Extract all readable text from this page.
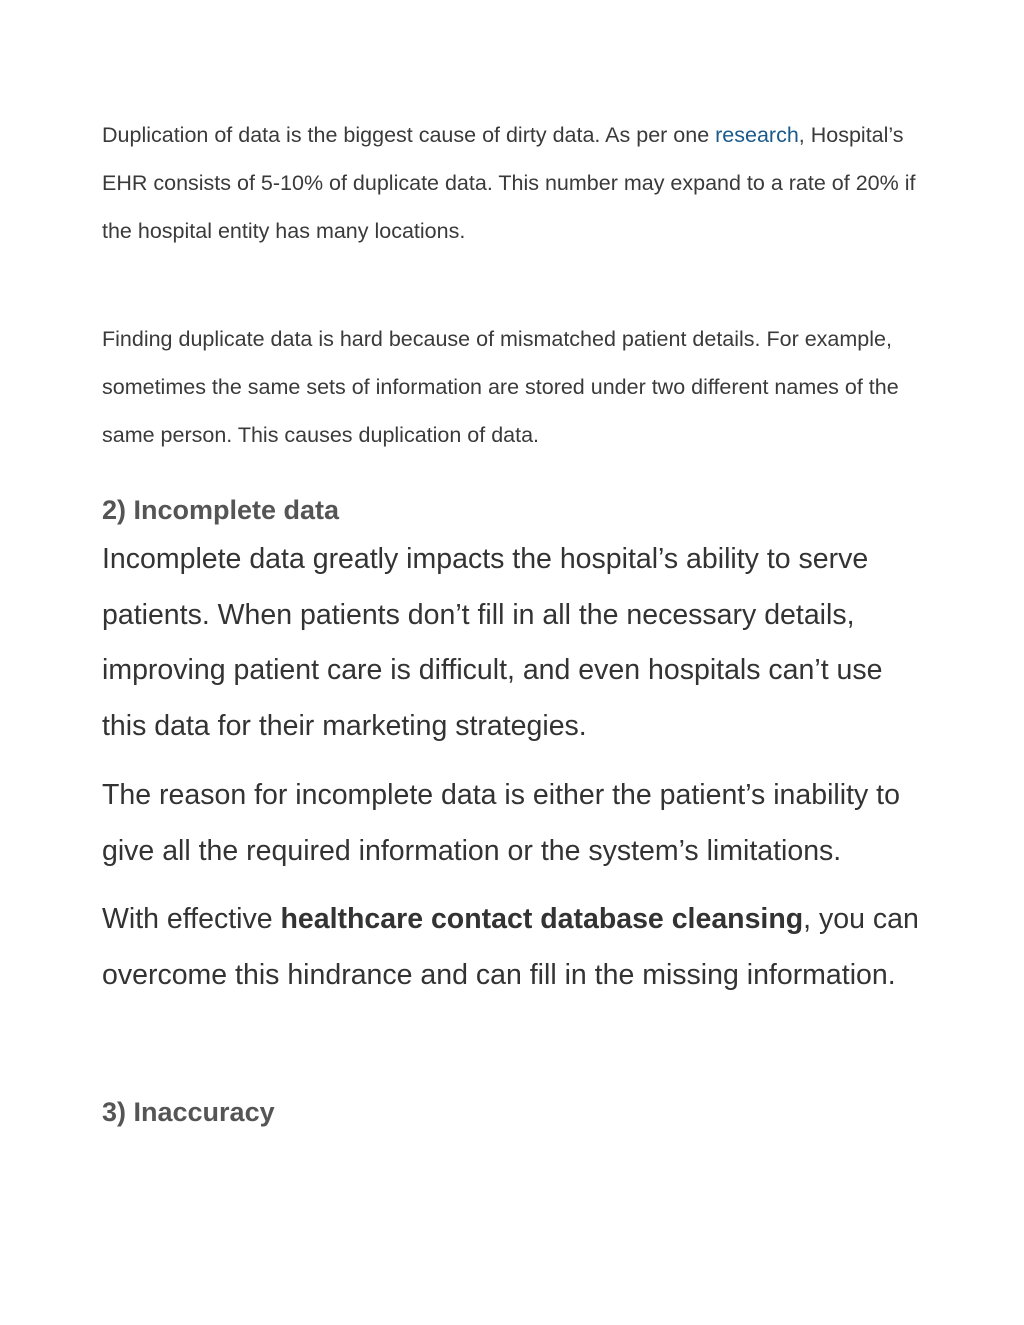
Duplication of data is the biggest cause of dirty data. As per one research, Hospital’s EHR consists of 5-10% of duplicate data. This number may expand to a rate of 20% if the hospital entity has many locations.

Finding duplicate data is hard because of mismatched patient details. For example, sometimes the same sets of information are stored under two different names of the same person. This causes duplication of data.

2) Incomplete data

Incomplete data greatly impacts the hospital’s ability to serve patients. When patients don’t fill in all the necessary details, improving patient care is difficult, and even hospitals can’t use this data for their marketing strategies.

The reason for incomplete data is either the patient’s inability to give all the required information or the system’s limitations.

With effective healthcare contact database cleansing, you can overcome this hindrance and can fill in the missing information.

3) Inaccuracy
